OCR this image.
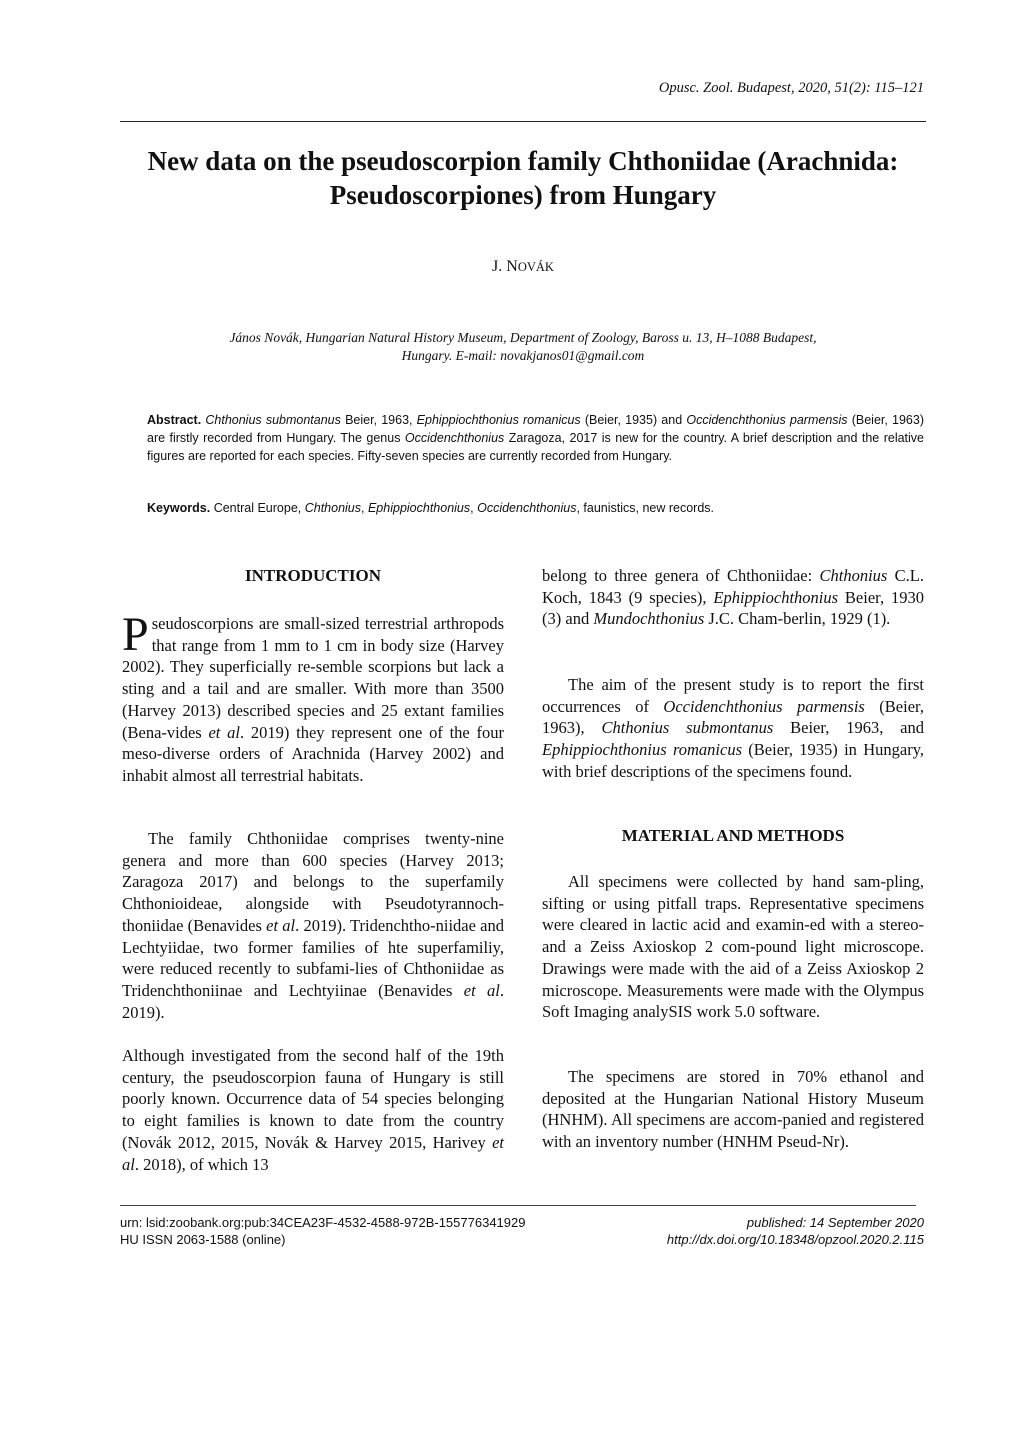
Opusc. Zool. Budapest, 2020, 51(2): 115–121
New data on the pseudoscorpion family Chthoniidae (Arachnida:
Pseudoscorpiones) from Hungary
J. NOVÁK
János Novák, Hungarian Natural History Museum, Department of Zoology, Baross u. 13, H–1088 Budapest,
Hungary. E-mail: novakjanos01@gmail.com
Abstract. Chthonius submontanus Beier, 1963, Ephippiochthonius romanicus (Beier, 1935) and Occidenchthonius parmensis (Beier, 1963) are firstly recorded from Hungary. The genus Occidenchthonius Zaragoza, 2017 is new for the country. A brief description and the relative figures are reported for each species. Fifty-seven species are currently recorded from Hungary.
Keywords. Central Europe, Chthonius, Ephippiochthonius, Occidenchthonius, faunistics, new records.
INTRODUCTION

Pseudoscorpions are small-sized terrestrial arthropods that range from 1 mm to 1 cm in body size (Harvey 2002). They superficially re-semble scorpions but lack a sting and a tail and are smaller. With more than 3500 (Harvey 2013) described species and 25 extant families (Bena-vides et al. 2019) they represent one of the four meso-diverse orders of Arachnida (Harvey 2002) and inhabit almost all terrestrial habitats.

The family Chthoniidae comprises twenty-nine genera and more than 600 species (Harvey 2013; Zaragoza 2017) and belongs to the superfamily Chthonioideae, alongside with Pseudotyrannoch-thoniidae (Benavides et al. 2019). Tridenchtho-niidae and Lechtyiidae, two former families of hte superfamiliy, were reduced recently to subfami-lies of Chthoniidae as Tridenchthoniinae and Lechtyiinae (Benavides et al. 2019).

Although investigated from the second half of the 19th century, the pseudoscorpion fauna of Hungary is still poorly known. Occurrence data of 54 species belonging to eight families is known to date from the country (Novák 2012, 2015, Novák & Harvey 2015, Harivey et al. 2018), of which 13

belong to three genera of Chthoniidae: Chthonius C.L. Koch, 1843 (9 species), Ephippiochthonius Beier, 1930 (3) and Mundochthonius J.C. Cham-berlin, 1929 (1).

The aim of the present study is to report the first occurrences of Occidenchthonius parmensis (Beier, 1963), Chthonius submontanus Beier, 1963, and Ephippiochthonius romanicus (Beier, 1935) in Hungary, with brief descriptions of the specimens found.

MATERIAL AND METHODS

All specimens were collected by hand sam-pling, sifting or using pitfall traps. Representative specimens were cleared in lactic acid and examin-ed with a stereo- and a Zeiss Axioskop 2 com-pound light microscope. Drawings were made with the aid of a Zeiss Axioskop 2 microscope. Measurements were made with the Olympus Soft Imaging analySIS work 5.0 software.

The specimens are stored in 70% ethanol and deposited at the Hungarian National History Museum (HNHM). All specimens are accom-panied and registered with an inventory number (HNHM Pseud-Nr).

urn: lsid:zoobank.org:pub:34CEA23F-4532-4588-972B-155776341929
HU ISSN 2063-1588 (online)
published: 14 September 2020
http://dx.doi.org/10.18348/opzool.2020.2.115
